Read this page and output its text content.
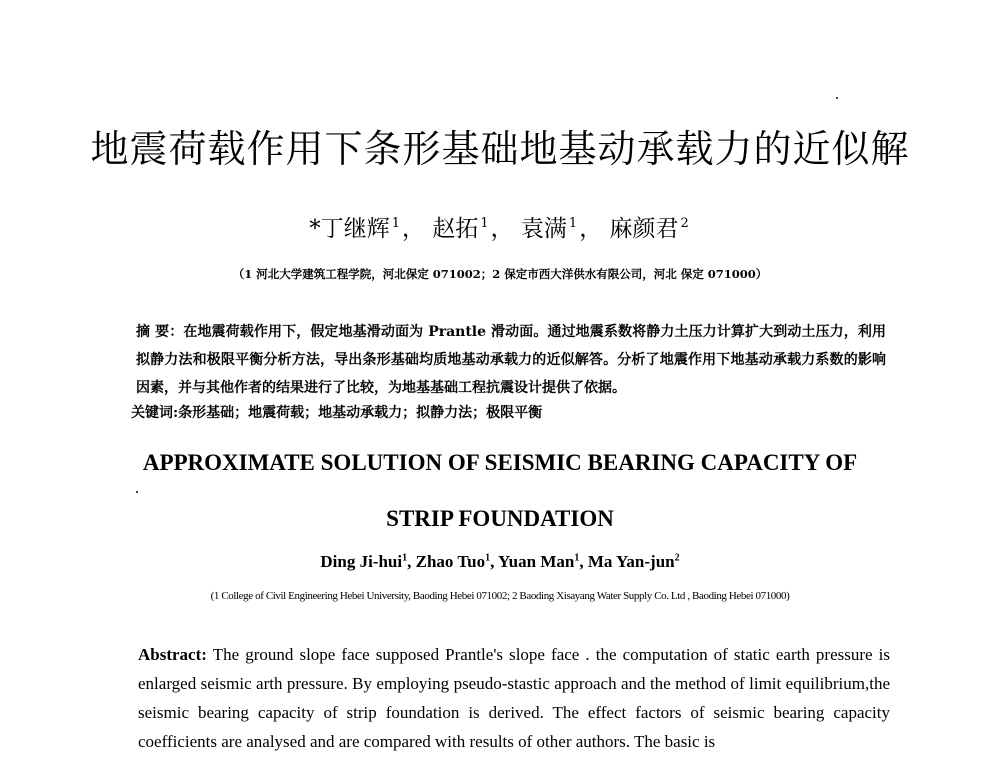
地震荷载作用下条形基础地基动承载力的近似解
*丁继辉 $^1$， 赵拓 $^1$， 袁满 $^1$， 麻颜君 $^2$
（1 河北大学建筑工程学院，河北保定 071002；2 保定市西大洋供水有限公司，河北 保定 071000）
摘 要：在地震荷载作用下，假定地基滑动面为 Prantle 滑动面。通过地震系数将静力土压力计算扩大到动土压力，利用拟静力法和极限平衡分析方法，导出条形基础均质地基动承载力的近似解答。分析了地震作用下地基动承载力系数的影响因素，并与其他作者的结果进行了比较，为地基基础工程抗震设计提供了依据。
关键词:条形基础；地震荷载；地基动承载力；拟静力法；极限平衡
APPROXIMATE SOLUTION OF SEISMIC BEARING CAPACITY OF
STRIP FOUNDATION
Ding Ji-hui$^1$, Zhao Tuo$^1$, Yuan Man$^1$, Ma Yan-jun$^2$
(1 College of Civil Engineering Hebei University, Baoding Hebei 071002; 2 Baoding Xisayang Water Supply Co. Ltd , Baoding Hebei 071000)
Abstract: The ground slope face supposed Prantle's slope face . the computation of static earth pressure is enlarged seismic arth pressure. By employing pseudo-stastic approach and the method of limit equilibrium,the seismic bearing capacity of strip foundation is derived. The effect factors of seismic bearing capacity coefficients are analysed and are compared with results of other authors. The basic is
